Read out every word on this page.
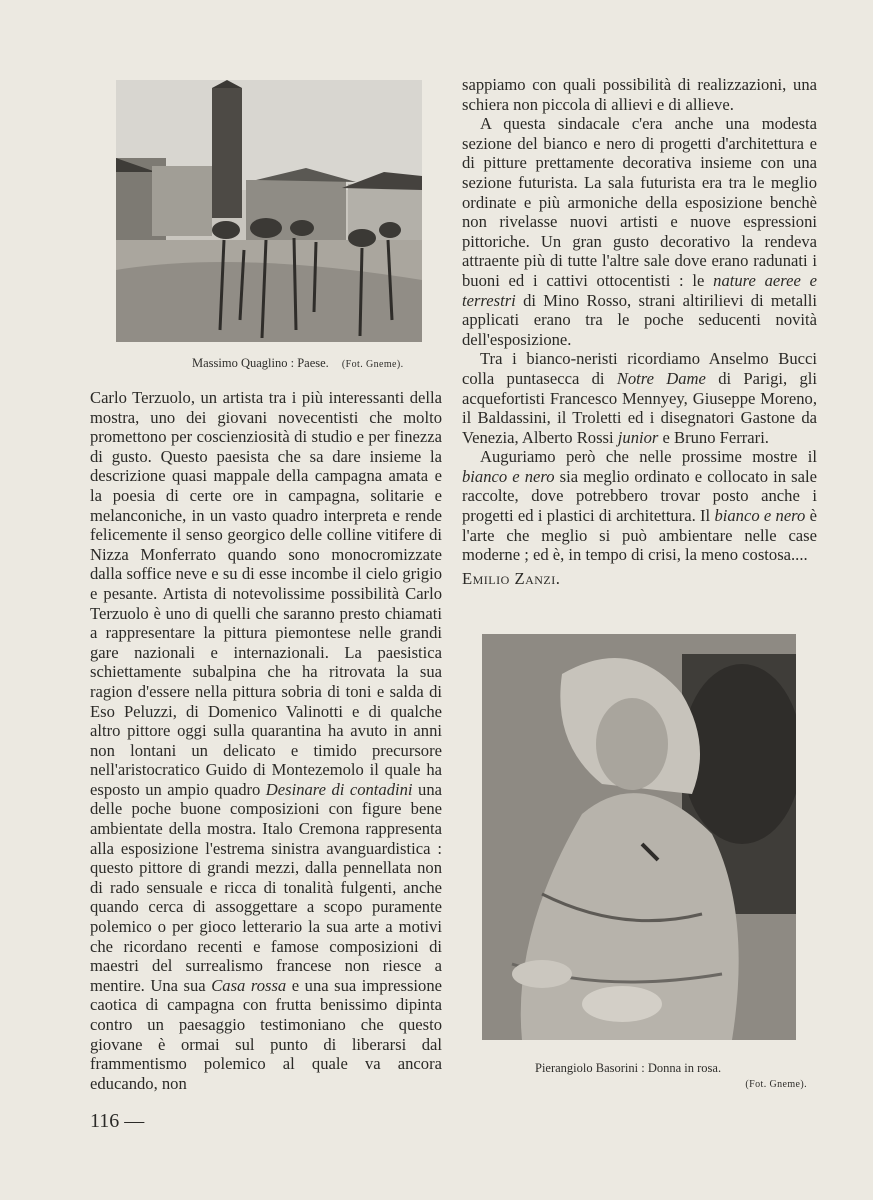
Massimo Quaglino : Paese. (Fot. Gneme).

Carlo Terzuolo, un artista tra i più interessanti della mostra, uno dei giovani novecentisti che molto promettono per coscienziosità di studio e per finezza di gusto. Questo paesista che sa dare insieme la descrizione quasi mappale della campagna amata e la poesia di certe ore in campagna, solitarie e melanconiche, in un vasto quadro interpreta e rende felicemente il senso georgico delle colline vitifere di Nizza Monferrato quando sono monocromizzate dalla soffice neve e su di esse incombe il cielo grigio e pesante. Artista di notevolissime possibilità Carlo Terzuolo è uno di quelli che saranno presto chiamati a rappresentare la pittura piemontese nelle grandi gare nazionali e internazionali. La paesistica schiettamente subalpina che ha ritrovata la sua ragion d'essere nella pittura sobria di toni e salda di Eso Peluzzi, di Domenico Valinotti e di qualche altro pittore oggi sulla quarantina ha avuto in anni non lontani un delicato e timido precursore nell'aristocratico Guido di Montezemolo il quale ha esposto un ampio quadro Desinare di contadini una delle poche buone composizioni con figure bene ambientate della mostra. Italo Cremona rappresenta alla esposizione l'estrema sinistra avanguardistica : questo pittore di grandi mezzi, dalla pennellata non di rado sensuale e ricca di tonalità fulgenti, anche quando cerca di assoggettare a scopo puramente polemico o per gioco letterario la sua arte a motivi che ricordano recenti e famose composizioni di maestri del surrealismo francese non riesce a mentire. Una sua Casa rossa e una sua impressione caotica di campagna con frutta benissimo dipinta contro un paesaggio testimoniano che questo giovane è ormai sul punto di liberarsi dal frammentismo polemico al quale va ancora educando, non

sappiamo con quali possibilità di realizzazioni, una schiera non piccola di allievi e di allieve.

A questa sindacale c'era anche una modesta sezione del bianco e nero di progetti d'architettura e di pitture prettamente decorativa insieme con una sezione futurista. La sala futurista era tra le meglio ordinate e più armoniche della esposizione benchè non rivelasse nuovi artisti e nuove espressioni pittoriche. Un gran gusto decorativo la rendeva attraente più di tutte l'altre sale dove erano radunati i buoni ed i cattivi ottocentisti : le nature aeree e terrestri di Mino Rosso, strani altirilievi di metalli applicati erano tra le poche seducenti novità dell'esposizione.

Tra i bianco-neristi ricordiamo Anselmo Bucci colla puntasecca di Notre Dame di Parigi, gli acquefortisti Francesco Mennyey, Giuseppe Moreno, il Baldassini, il Troletti ed i disegnatori Gastone da Venezia, Alberto Rossi junior e Bruno Ferrari.

Auguriamo però che nelle prossime mostre il bianco e nero sia meglio ordinato e collocato in sale raccolte, dove potrebbero trovar posto anche i progetti ed i plastici di architettura. Il bianco e nero è l'arte che meglio si può ambientare nelle case moderne ; ed è, in tempo di crisi, la meno costosa....

Emilio Zanzi.

Pierangiolo Basorini : Donna in rosa.
(Fot. Gneme).
116 —
